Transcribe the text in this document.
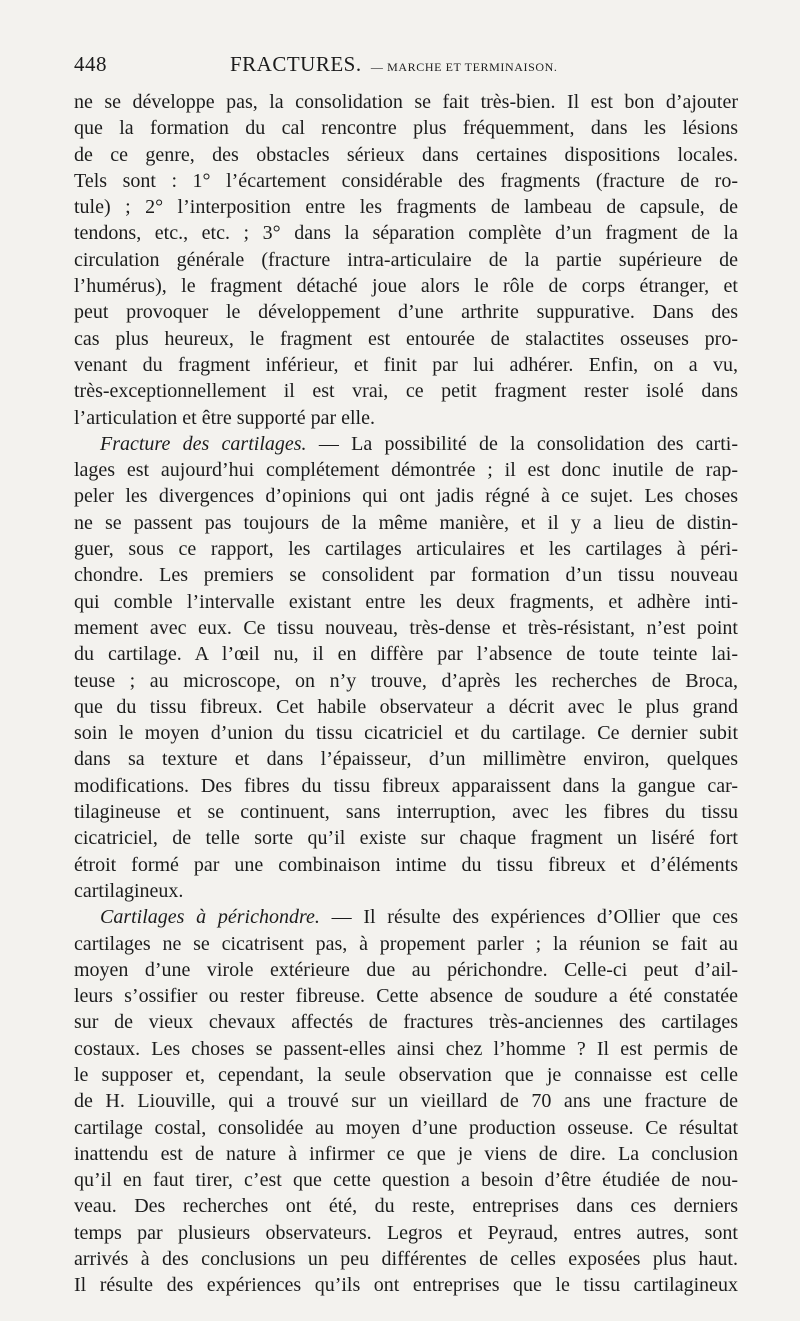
448	FRACTURES. — MARCHE ET TERMINAISON.
ne se développe pas, la consolidation se fait très-bien. Il est bon d’ajouter
que la formation du cal rencontre plus fréquemment, dans les lésions
de ce genre, des obstacles sérieux dans certaines dispositions locales.
Tels sont : 1° l’écartement considérable des fragments (fracture de ro-
tule) ; 2° l’interposition entre les fragments de lambeau de capsule, de
tendons, etc., etc. ; 3° dans la séparation complète d’un fragment de la
circulation générale (fracture intra-articulaire de la partie supérieure de
l’humérus), le fragment détaché joue alors le rôle de corps étranger, et
peut provoquer le développement d’une arthrite suppurative. Dans des
cas plus heureux, le fragment est entourée de stalactites osseuses pro-
venant du fragment inférieur, et finit par lui adhérer. Enfin, on a vu,
très-exceptionnellement il est vrai, ce petit fragment rester isolé dans
l’articulation et être supporté par elle.
Fracture des cartilages. — La possibilité de la consolidation des carti-
lages est aujourd’hui complétement démontrée ; il est donc inutile de rap-
peler les divergences d’opinions qui ont jadis régné à ce sujet. Les choses
ne se passent pas toujours de la même manière, et il y a lieu de distin-
guer, sous ce rapport, les cartilages articulaires et les cartilages à péri-
chondre. Les premiers se consolident par formation d’un tissu nouveau
qui comble l’intervalle existant entre les deux fragments, et adhère inti-
mement avec eux. Ce tissu nouveau, très-dense et très-résistant, n’est point
du cartilage. A l’œil nu, il en diffère par l’absence de toute teinte lai-
teuse ; au microscope, on n’y trouve, d’après les recherches de Broca,
que du tissu fibreux. Cet habile observateur a décrit avec le plus grand
soin le moyen d’union du tissu cicatriciel et du cartilage. Ce dernier subit
dans sa texture et dans l’épaisseur, d’un millimètre environ, quelques
modifications. Des fibres du tissu fibreux apparaissent dans la gangue car-
tilagineuse et se continuent, sans interruption, avec les fibres du tissu
cicatriciel, de telle sorte qu’il existe sur chaque fragment un liséré fort
étroit formé par une combinaison intime du tissu fibreux et d’éléments
cartilagineux.
Cartilages à périchondre. — Il résulte des expériences d’Ollier que ces
cartilages ne se cicatrisent pas, à propement parler ; la réunion se fait au
moyen d’une virole extérieure due au périchondre. Celle-ci peut d’ail-
leurs s’ossifier ou rester fibreuse. Cette absence de soudure a été constatée
sur de vieux chevaux affectés de fractures très-anciennes des cartilages
costaux. Les choses se passent-elles ainsi chez l’homme ? Il est permis de
le supposer et, cependant, la seule observation que je connaisse est celle
de H. Liouville, qui a trouvé sur un vieillard de 70 ans une fracture de
cartilage costal, consolidée au moyen d’une production osseuse. Ce résultat
inattendu est de nature à infirmer ce que je viens de dire. La conclusion
qu’il en faut tirer, c’est que cette question a besoin d’être étudiée de nou-
veau. Des recherches ont été, du reste, entreprises dans ces derniers
temps par plusieurs observateurs. Legros et Peyraud, entres autres, sont
arrivés à des conclusions un peu différentes de celles exposées plus haut.
Il résulte des expériences qu’ils ont entreprises que le tissu cartilagineux
